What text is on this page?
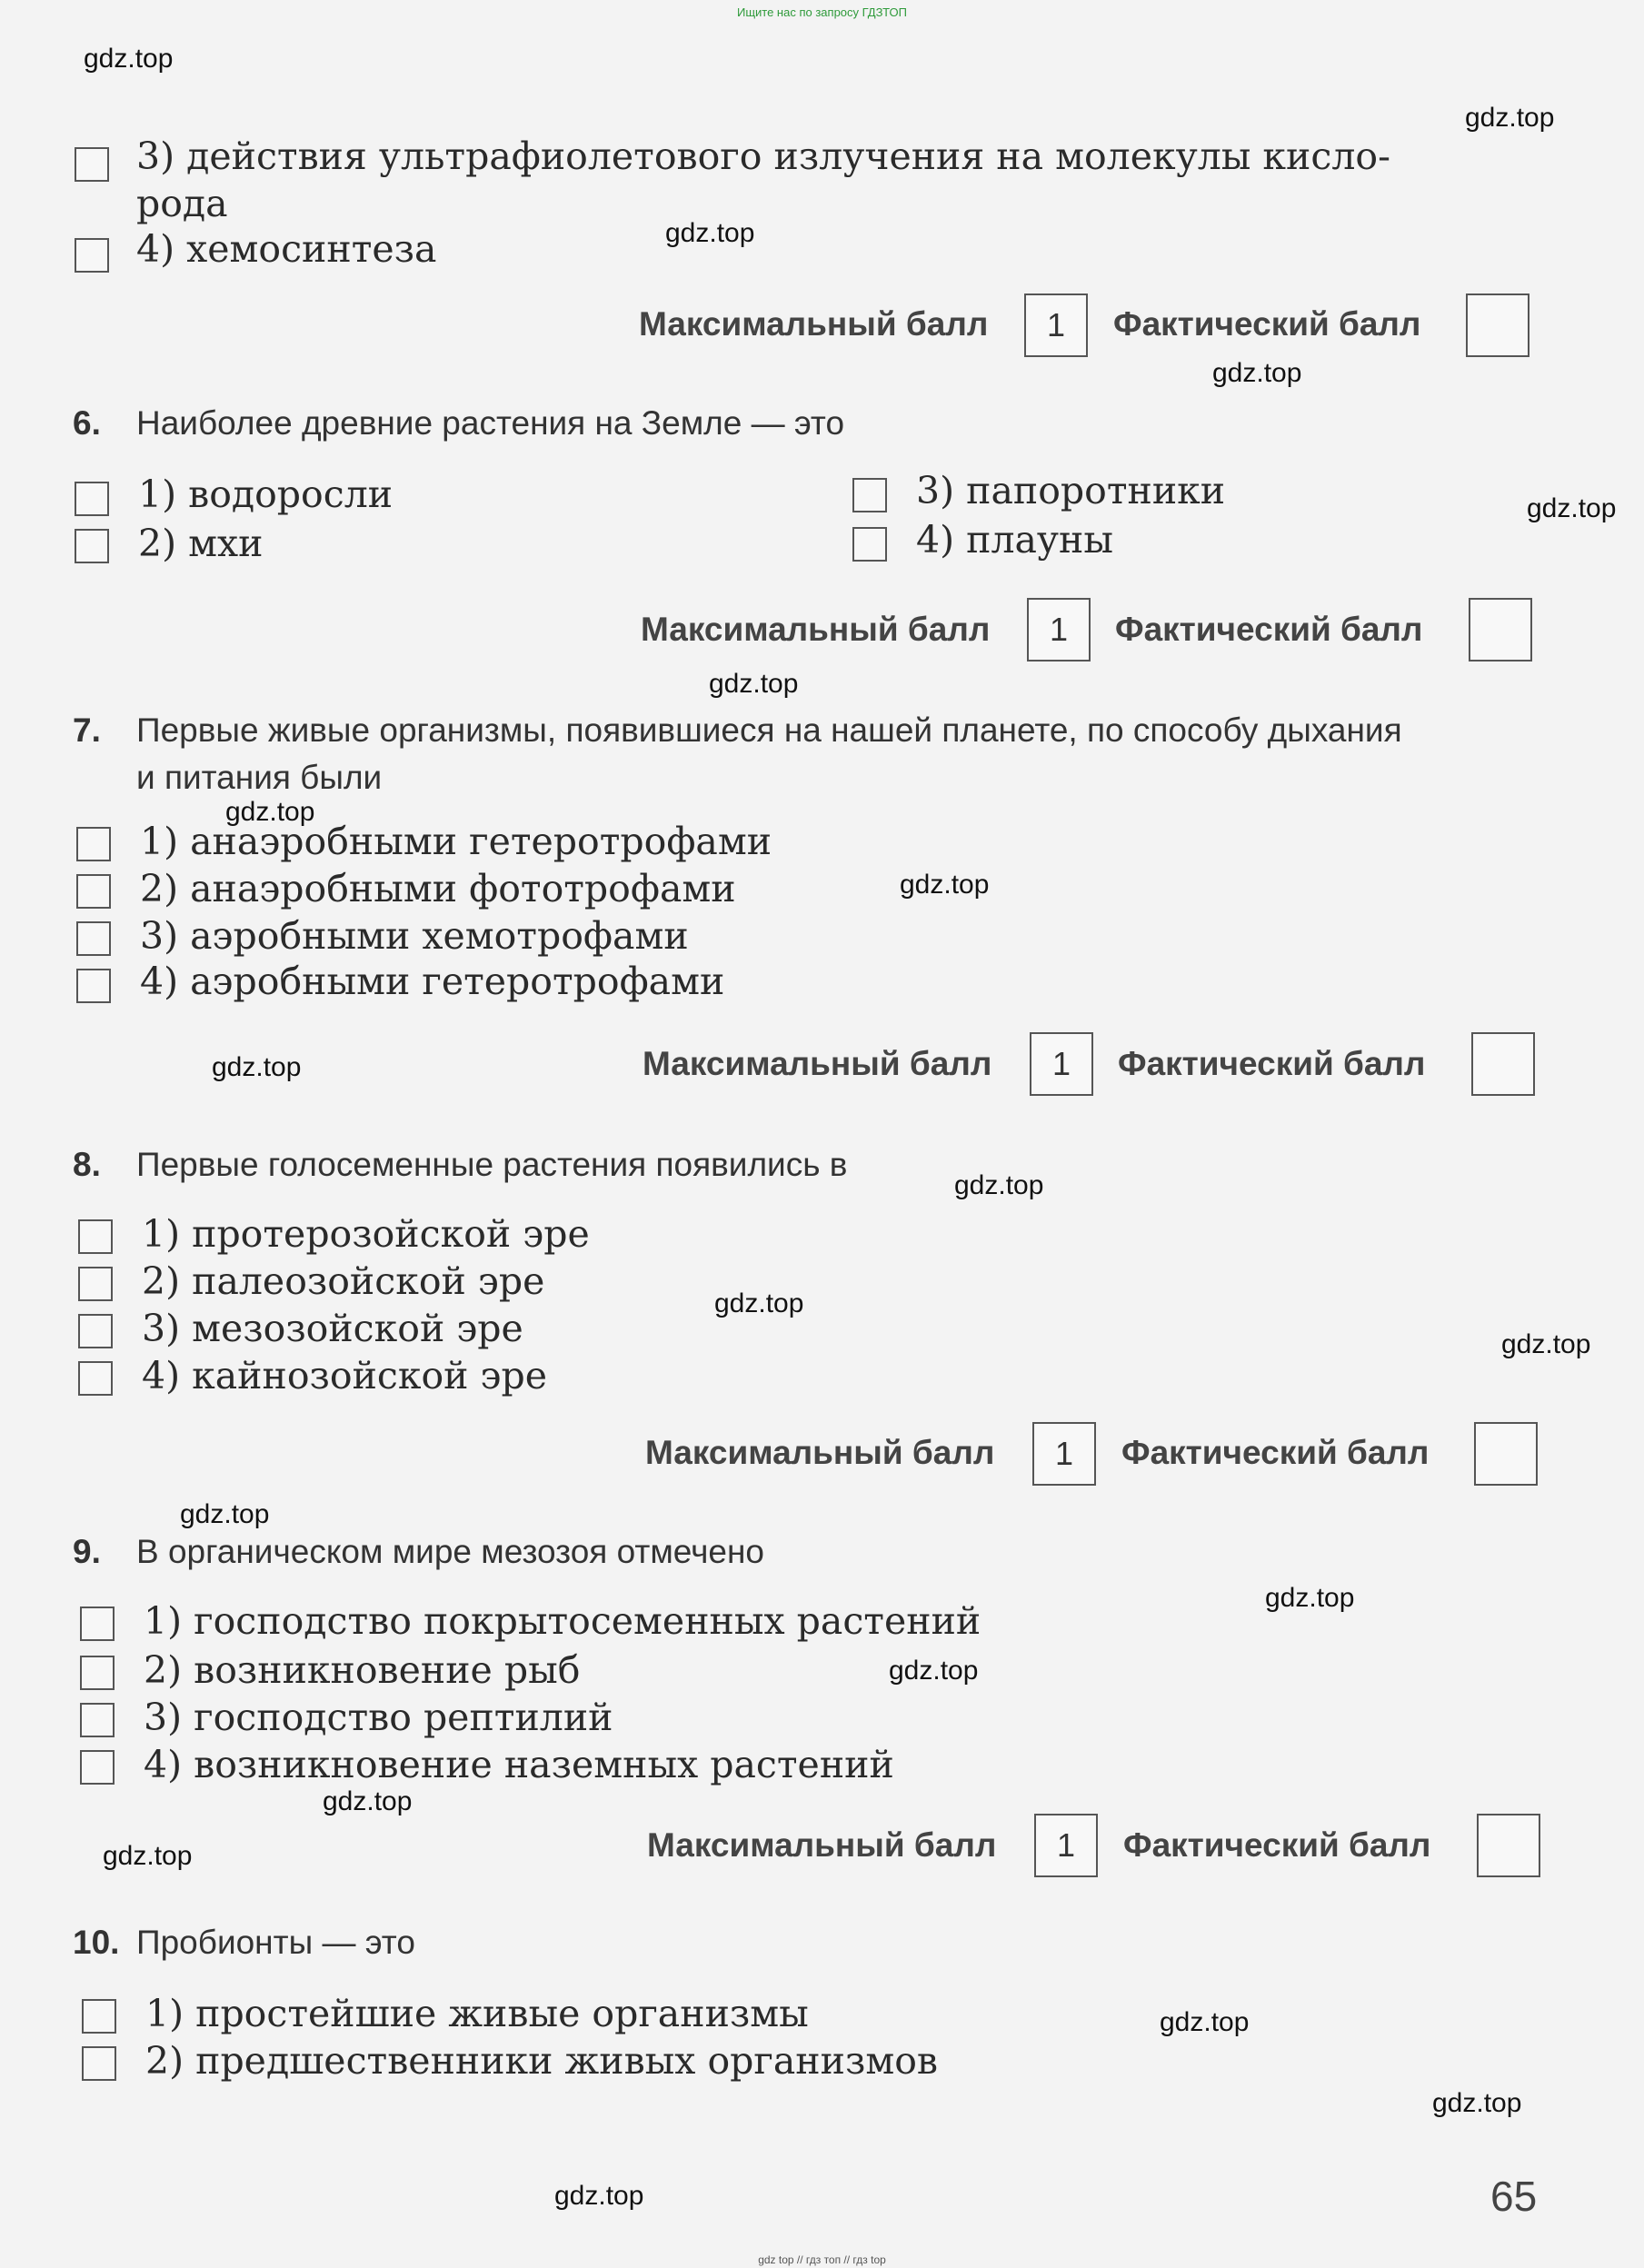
Ищите нас по запросу ГДЗТОП
gdz.top
gdz.top
gdz.top
gdz.top
gdz.top
gdz.top
gdz.top
gdz.top
gdz.top
gdz.top
gdz.top
gdz.top
gdz.top
gdz.top
gdz.top
gdz.top
gdz.top
gdz.top
gdz.top
gdz.top
3) действия ультрафиолетового излучения на молекулы кисло-
рода
4) хемосинтеза
Максимальный балл	1	Фактический балл
6. Наиболее древние растения на Земле — это
1) водоросли
2) мхи
3) папоротники
4) плауны
Максимальный балл	1	Фактический балл
7. Первые живые организмы, появившиеся на нашей планете, по способу дыхания
и питания были
1) анаэробными гетеротрофами
2) анаэробными фототрофами
3) аэробными хемотрофами
4) аэробными гетеротрофами
Максимальный балл	1	Фактический балл
8. Первые голосеменные растения появились в
1) протерозойской эре
2) палеозойской эре
3) мезозойской эре
4) кайнозойской эре
Максимальный балл	1	Фактический балл
9. В органическом мире мезозоя отмечено
1) господство покрытосеменных растений
2) возникновение рыб
3) господство рептилий
4) возникновение наземных растений
Максимальный балл	1	Фактический балл
10. Пробионты — это
1) простейшие живые организмы
2) предшественники живых организмов
65
gdz top // гдз топ // гдз top
